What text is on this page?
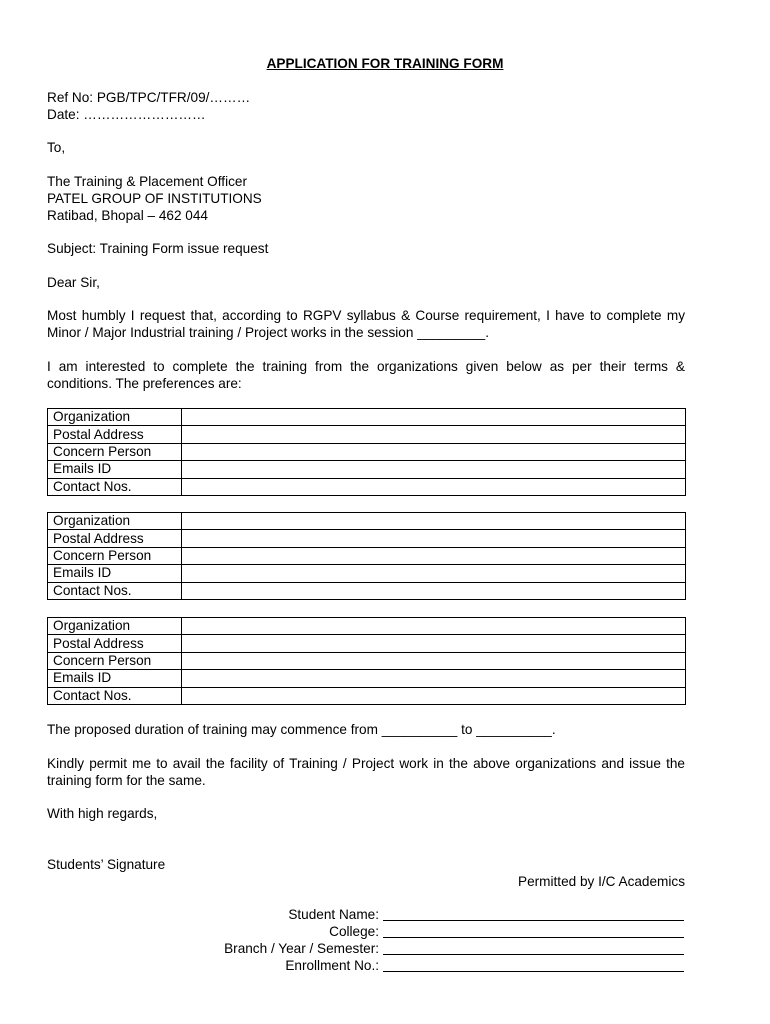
APPLICATION FOR TRAINING FORM
Ref No: PGB/TPC/TFR/09/………
Date: ………………………
To,
The Training & Placement Officer
PATEL GROUP OF INSTITUTIONS
Ratibad, Bhopal – 462 044
Subject: Training Form issue request
Dear Sir,
Most humbly I request that, according to RGPV syllabus & Course requirement, I have to complete my Minor / Major Industrial training / Project works in the session _________.
I am interested to complete the training from the organizations given below as per their terms & conditions. The preferences are:
Organization	
Postal Address	
Concern Person	
Emails ID	
Contact Nos.	
Organization	
Postal Address	
Concern Person	
Emails ID	
Contact Nos.	
Organization	
Postal Address	
Concern Person	
Emails ID	
Contact Nos.	
The proposed duration of training may commence from __________ to __________.
Kindly permit me to avail the facility of Training / Project work in the above organizations and issue the training form for the same.
With high regards,
Students’ Signature
Permitted by I/C Academics
Student Name:
College:
Branch / Year / Semester:
Enrollment No.:
